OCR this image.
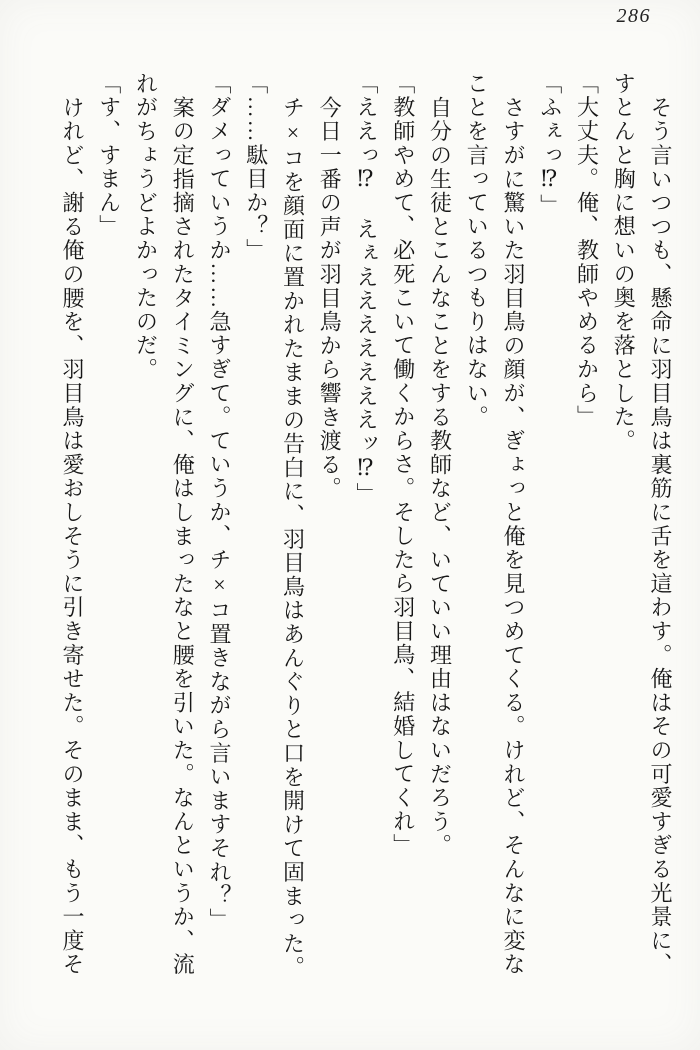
286

そう言いつつも、懸命に羽目鳥は裏筋に舌を這わす。俺はその可愛すぎる光景に、すとんと胸に想いの奥を落とした。

「大丈夫。俺、教師やめるから」

「ふぇっ⁉」

さすがに驚いた羽目鳥の顔が、ぎょっと俺を見つめてくる。けれど、そんなに変なことを言っているつもりはない。

自分の生徒とこんなことをする教師など、いていい理由はないだろう。

「教師やめて、必死こいて働くからさ。そしたら羽目鳥、結婚してくれ」

「ええっ⁉　えぇえええええええッ⁉」

今日一番の声が羽目鳥から響き渡る。

チ×コを顔面に置かれたままの告白に、羽目鳥はあんぐりと口を開けて固まった。

「……駄目か？」

「ダメっていうか……急すぎて。ていうか、チ×コ置きながら言いますそれ？」

案の定指摘されたタイミングに、俺はしまったなと腰を引いた。なんというか、流れがちょうどよかったのだ。

「す、すまん」

けれど、謝る俺の腰を、羽目鳥は愛おしそうに引き寄せた。そのまま、もう一度そ
